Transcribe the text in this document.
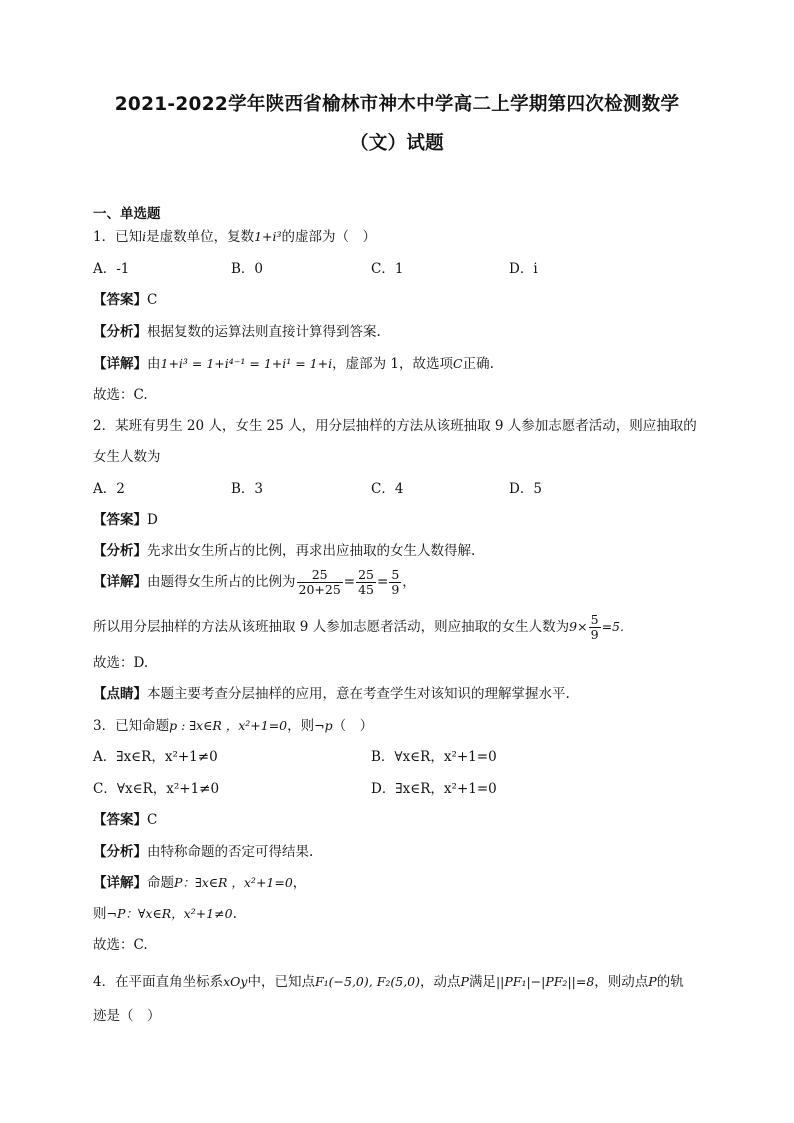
2021-2022学年陕西省榆林市神木中学高二上学期第四次检测数学
（文）试题
一、单选题
1．已知i是虚数单位，复数1+i³的虚部为（　）
A．-1	B．0	C．1	D．i
【答案】C
【分析】根据复数的运算法则直接计算得到答案.
【详解】由1+i³ = 1+i⁴⁻¹ = 1+i¹ = 1+i，虚部为 1，故选项C正确.
故选：C.
2．某班有男生 20 人，女生 25 人，用分层抽样的方法从该班抽取 9 人参加志愿者活动，则应抽取的
女生人数为
A．2	B．3	C．4	D．5
【答案】D
【分析】先求出女生所占的比例，再求出应抽取的女生人数得解.
【详解】由题得女生所占的比例为 $\frac{25}{20+25} = \frac{25}{45} = \frac{5}{9}$ ，
所以用分层抽样的方法从该班抽取 9 人参加志愿者活动，则应抽取的女生人数为$9\times \frac{5}{9} =5$.
故选：D.
【点睛】本题主要考查分层抽样的应用，意在考查学生对该知识的理解掌握水平.
3．已知命题p : ∃x∈R ，x²+1=0，则¬p（　）
A．∃x∈R，x²+1≠0	B．∀x∈R，x²+1=0
C．∀x∈R，x²+1≠0	D．∃x∈R，x²+1=0
【答案】C
【分析】由特称命题的否定可得结果.
【详解】命题P：∃x∈R ，x²+1=0，
则¬P：∀x∈R，x²+1≠0.
故选：C.
4．在平面直角坐标系xOy中，已知点F₁(−5,0), F₂(5,0)，动点P满足||PF₁|−|PF₂||=8，则动点P的轨
迹是（　）
